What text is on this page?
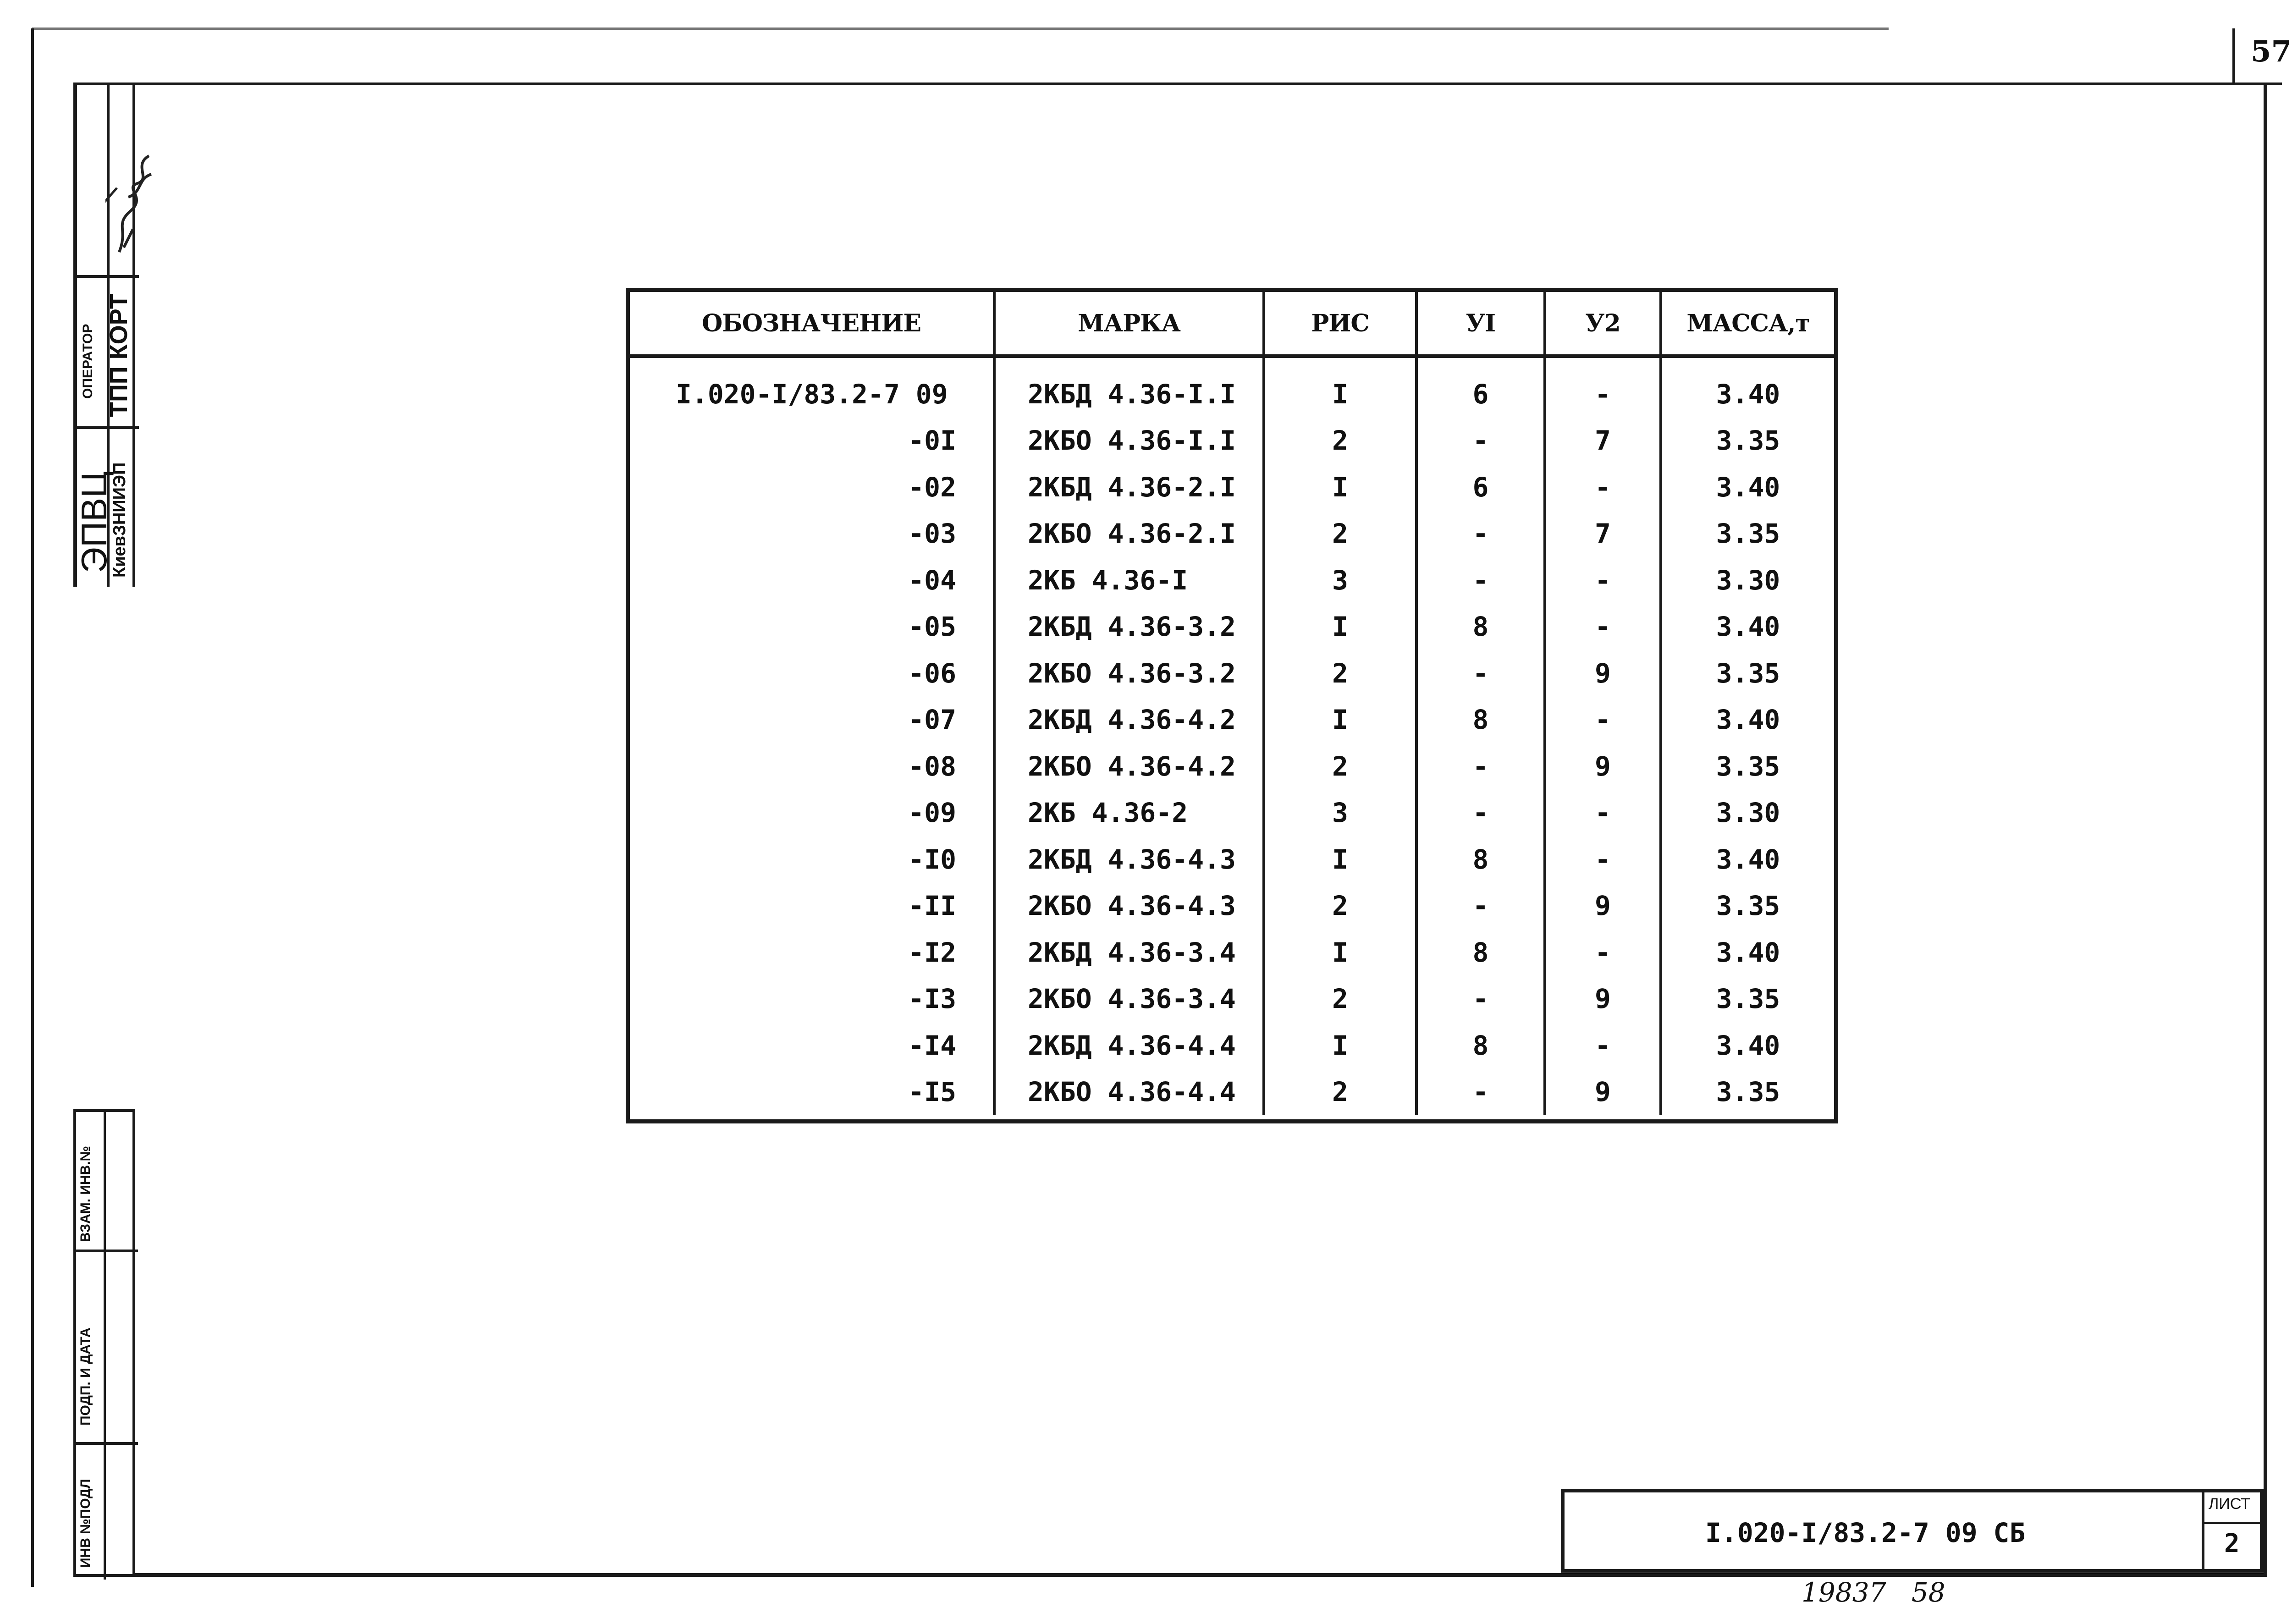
57
ОПЕРАТОР ТПП КОРТ
ЭПВЦ
КиевЗНИИЭП
ВЗАМ. ИНВ.№
ПОДП. И ДАТА
ИНВ №ПОДЛ
ОБОЗНАЧЕНИЕ	МАРКА	РИС	УI	У2	МАССА,т
I.020-I/83.2-7 09	2КБД 4.36-I.I	I	6	-	3.40
-0I	2КБО 4.36-I.I	2	-	7	3.35
-02	2КБД 4.36-2.I	I	6	-	3.40
-03	2КБО 4.36-2.I	2	-	7	3.35
-04	2КБ 4.36-I	3	-	-	3.30
-05	2КБД 4.36-3.2	I	8	-	3.40
-06	2КБО 4.36-3.2	2	-	9	3.35
-07	2КБД 4.36-4.2	I	8	-	3.40
-08	2КБО 4.36-4.2	2	-	9	3.35
-09	2КБ 4.36-2	3	-	-	3.30
-I0	2КБД 4.36-4.3	I	8	-	3.40
-II	2КБО 4.36-4.3	2	-	9	3.35
-I2	2КБД 4.36-3.4	I	8	-	3.40
-I3	2КБО 4.36-3.4	2	-	9	3.35
-I4	2КБД 4.36-4.4	I	8	-	3.40
-I5	2КБО 4.36-4.4	2	-	9	3.35
I.020-I/83.2-7 09 СБ
ЛИСТ
2
19837   58
